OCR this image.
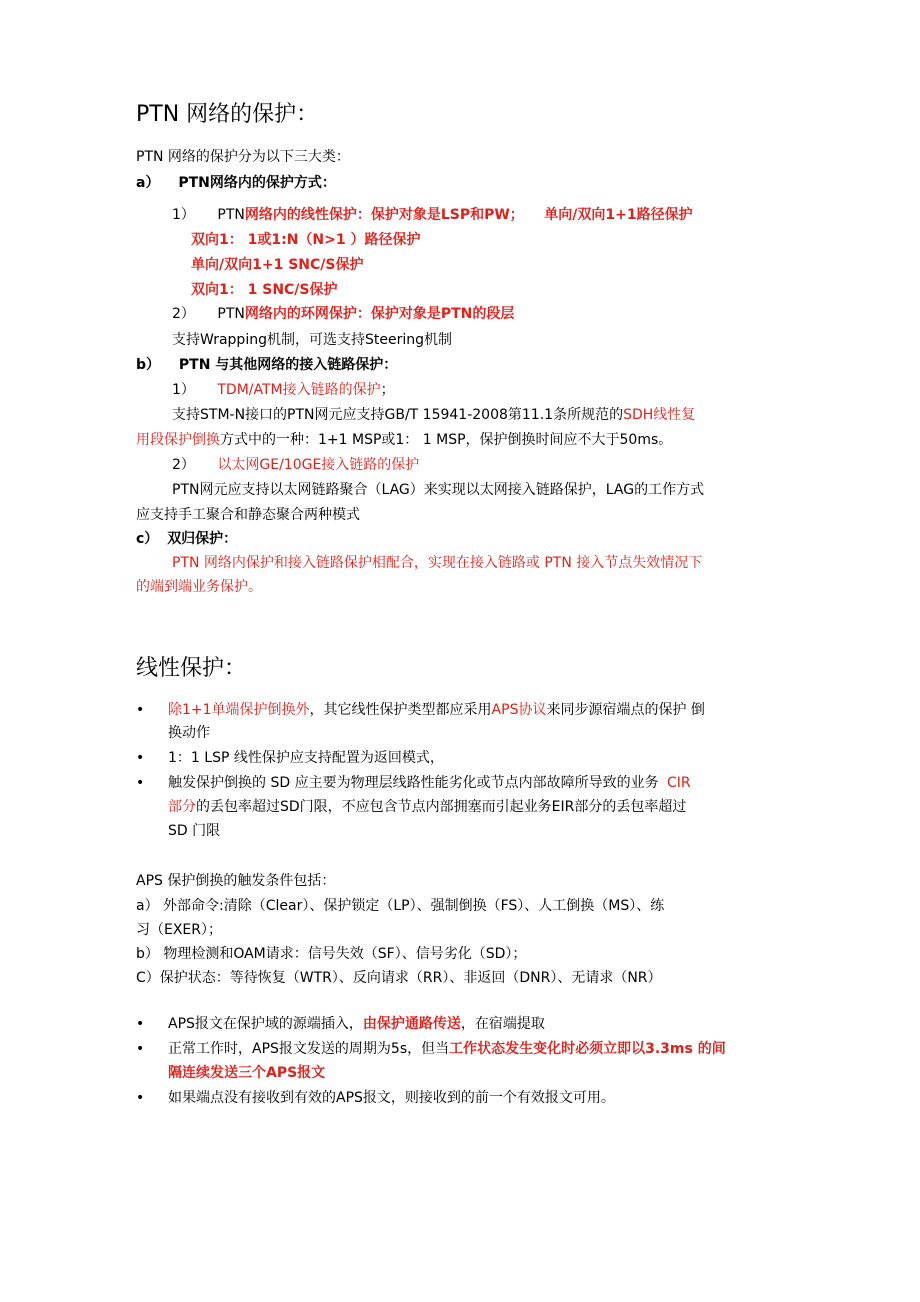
PTN 网络的保护：
PTN 网络的保护分为以下三大类：
a） PTN网络内的保护方式：
1） PTN网络内的线性保护：保护对象是LSP和PW； 单向/双向1+1路径保护
双向1： 1或1:N（N>1 ）路径保护
单向/双向1+1 SNC/S保护
双向1： 1 SNC/S保护
2） PTN网络内的环网保护：保护对象是PTN的段层
支持Wrapping机制，可选支持Steering机制
b） PTN 与其他网络的接入链路保护：
1） TDM/ATM接入链路的保护；
支持STM-N接口的PTN网元应支持GB/T 15941-2008第11.1条所规范的SDH线性复
用段保护倒换方式中的一种：1+1 MSP或1： 1 MSP，保护倒换时间应不大于50ms。
2） 以太网GE/10GE接入链路的保护
PTN网元应支持以太网链路聚合（LAG）来实现以太网接入链路保护，LAG的工作方式
应支持手工聚合和静态聚合两种模式
c） 双归保护：
PTN 网络内保护和接入链路保护相配合，实现在接入链路或 PTN 接入节点失效情况下
的端到端业务保护。
线性保护：
• 除1+1单端保护倒换外，其它线性保护类型都应采用APS协议来同步源宿端点的保护 倒
换动作
• 1：1 LSP 线性保护应支持配置为返回模式，
• 触发保护倒换的 SD 应主要为物理层线路性能劣化或节点内部故障所导致的业务 CIR
部分的丢包率超过SD门限，不应包含节点内部拥塞而引起业务EIR部分的丢包率超过
SD 门限
APS 保护倒换的触发条件包括：
a） 外部命令:清除（Clear）、保护锁定（LP）、强制倒换（FS）、人工倒换（MS）、练
习（EXER）；
b） 物理检测和OAM请求：信号失效（SF）、信号劣化（SD）；
C）保护状态：等待恢复（WTR）、反向请求（RR）、非返回（DNR）、无请求（NR）
• APS报文在保护域的源端插入，由保护通路传送，在宿端提取
• 正常工作时，APS报文发送的周期为5s，但当工作状态发生变化时必须立即以3.3ms 的间
隔连续发送三个APS报文
• 如果端点没有接收到有效的APS报文，则接收到的前一个有效报文可用。
